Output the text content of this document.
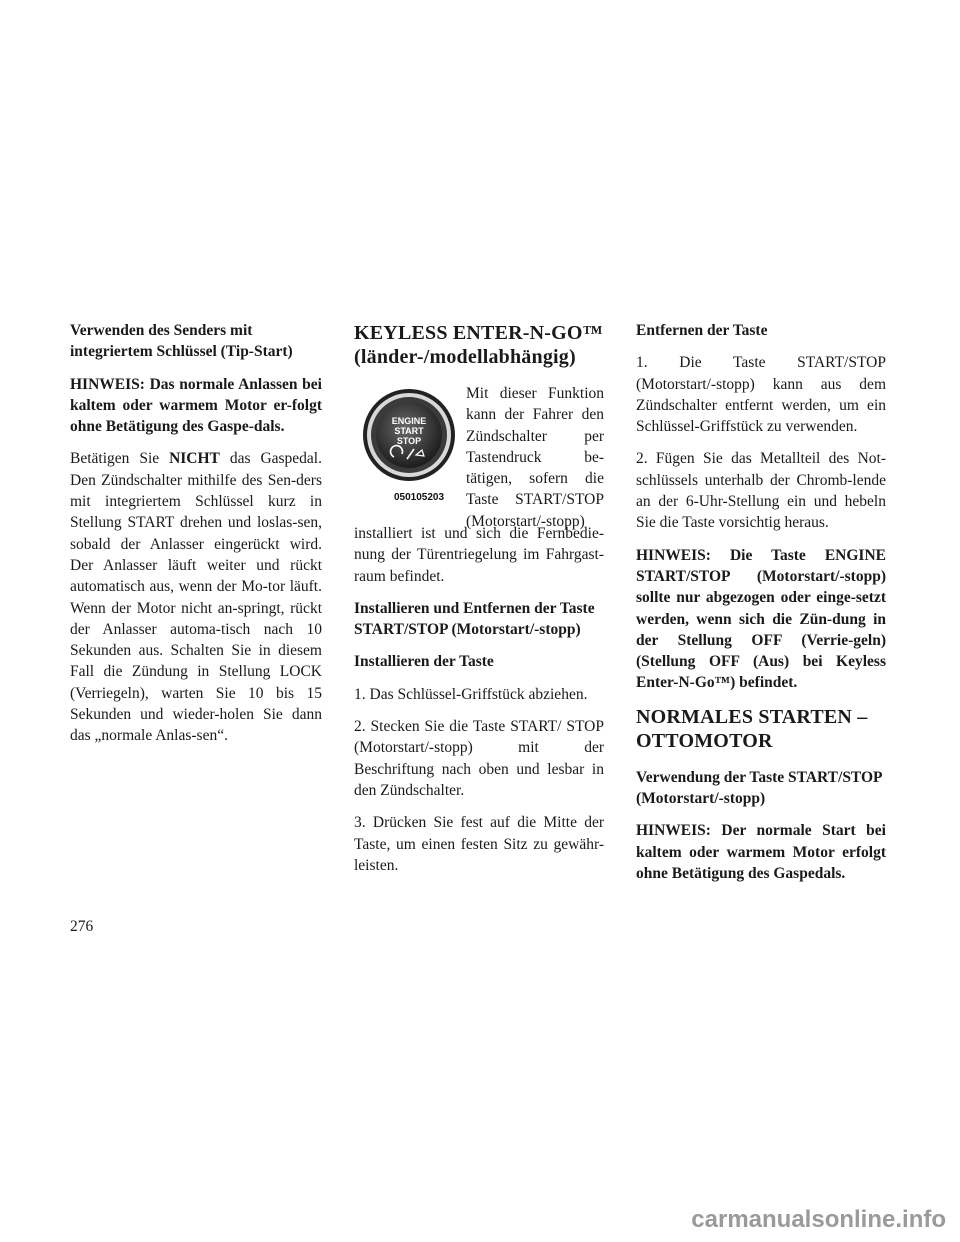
Verwenden des Senders mit integriertem Schlüssel (Tip-Start)

HINWEIS: Das normale Anlassen bei kaltem oder warmem Motor er-folgt ohne Betätigung des Gaspe-dals.

Betätigen Sie NICHT das Gaspedal. Den Zündschalter mithilfe des Sen-ders mit integriertem Schlüssel kurz in Stellung START drehen und loslas-sen, sobald der Anlasser eingerückt wird. Der Anlasser läuft weiter und rückt automatisch aus, wenn der Mo-tor läuft. Wenn der Motor nicht an-springt, rückt der Anlasser automa-tisch nach 10 Sekunden aus. Schalten Sie in diesem Fall die Zündung in Stellung LOCK (Verriegeln), warten Sie 10 bis 15 Sekunden und wieder-holen Sie dann das „normale Anlas-sen“.

KEYLESS ENTER-N-GO™ (länder-/modellabhängig)
ENGINE
START
STOP
050105203
Mit dieser Funktion kann der Fahrer den Zündschalter per Tastendruck be-tätigen, sofern die Taste START/STOP (Motorstart/-stopp)

installiert ist und sich die Fernbedie-nung der Türentriegelung im Fahrgast-raum befindet.

Installieren und Entfernen der Taste START/STOP (Motorstart/-stopp)

Installieren der Taste

1. Das Schlüssel-Griffstück abziehen.

2. Stecken Sie die Taste START/ STOP (Motorstart/-stopp) mit der Beschriftung nach oben und lesbar in den Zündschalter.

3. Drücken Sie fest auf die Mitte der Taste, um einen festen Sitz zu gewähr-leisten.

Entfernen der Taste

1. Die Taste START/STOP (Motorstart/-stopp) kann aus dem Zündschalter entfernt werden, um ein Schlüssel-Griffstück zu verwenden.

2. Fügen Sie das Metallteil des Not-schlüssels unterhalb der Chromb-lende an der 6-Uhr-Stellung ein und hebeln Sie die Taste vorsichtig heraus.

HINWEIS: Die Taste ENGINE START/STOP (Motorstart/-stopp) sollte nur abgezogen oder einge-setzt werden, wenn sich die Zün-dung in der Stellung OFF (Verrie-geln) (Stellung OFF (Aus) bei Keyless Enter-N-Go™) befindet.

NORMALES STARTEN – OTTOMOTOR

Verwendung der Taste START/STOP (Motorstart/-stopp)

HINWEIS: Der normale Start bei kaltem oder warmem Motor erfolgt ohne Betätigung des Gaspedals.

276
carmanualsonline.info
